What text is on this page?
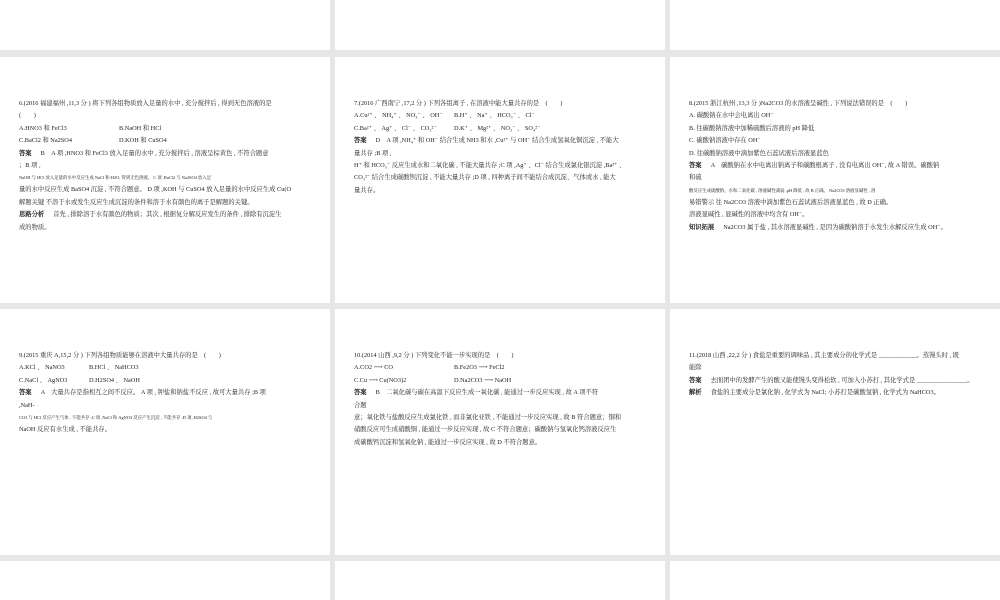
6.(2016 福建福州 ,11,3 分 ) 将下列各组物质放入足量的水中 , 充分搅拌后 , 得到无色溶液的是
(　　)
A.HNO3 和 FeCl3	B.NaOH 和 HCl
C.BaCl2 和 Na2SO4	D.KOH 和 CuSO4
答案 B　A 项 ,HNO3 和 FeCl3 放入足量的水中 , 充分搅拌后 , 溶液呈棕黄色 , 不符合题意
；B 项 ,
NaOH 与 HCl 放入足量的水中反应生成 NaCl 和 H2O, 得到无色溶液。 C 项 ,BaCl2 与 Na2SO4 放入足
量的水中反应生成 BaSO4 沉淀 , 不符合题意。 D 项 ,KOH 与 CuSO4 放入足量的水中反应生成 Cu(O
解题关键 不溶于水或发生反应生成沉淀的条件和溶于水有颜色的离子是解题的关键。
思路分析 首先 , 排除溶于水有颜色的物质；其次 , 根据复分解反应发生的条件 , 排除有沉淀生
成的物质。
7.(2016 广西南宁 ,17,2 分 ) 下列各组离子 , 在溶液中能大量共存的是　(　　)
A.Cu²⁺ 、 NH₄⁺ 、 NO₃⁻ 、 OH⁻	B.H⁺ 、 Na⁺ 、 HCO₃⁻ 、 Cl⁻
C.Ba²⁺ 、 Ag⁺ 、 Cl⁻ 、 CO₃²⁻	D.K⁺ 、 Mg²⁺ 、 NO₃⁻ 、 SO₄²⁻
答案 D　A 项 ,NH₄⁺ 和 OH⁻ 结合生成 NH3 和水 ,Cu²⁺ 与 OH⁻ 结合生成氢氧化铜沉淀 , 不能大
量共存 ;B 项 ,
H⁺ 和 HCO₃⁻ 反应生成水和二氧化碳 , 不能大量共存 ;C 项 ,Ag⁺ 、Cl⁻ 结合生成氯化银沉淀 ,Ba²⁺ 、
CO₃²⁻ 结合生成碳酸钡沉淀 , 不能大量共存 ;D 项 , 四种离子间不能结合成沉淀、气体或水 , 能大
量共存。
8.(2015 浙江杭州 ,13,3 分 )Na2CO3 的水溶液呈碱性 , 下列说法错误的是　(　　)
A. 碳酸钠在水中会电离出 OH⁻
B. 往碳酸钠溶液中加稀硫酸后溶液的 pH 降低
C. 碳酸钠溶液中存在 OH⁻
D. 往碳酸钠溶液中滴加紫色石蕊试液后溶液显蓝色
答案 A　碳酸钠在水中电离出钠离子和碳酸根离子 , 没有电离出 OH⁻, 故 A 错误。碳酸钠
和硫
酸反应生成硫酸钠、水和二氧化碳 , 溶液碱性减弱 ,pH 降低 , 故 B 正确。 Na2CO3 溶液显碱性 , 溶
易错警示 往 Na2CO3 溶液中滴加紫色石蕊试液后溶液显蓝色 , 故 D 正确。
溶液显碱性 , 显碱性的溶液中均含有 OH⁻。
知识拓展 Na2CO3 属于盐 , 其水溶液显碱性 , 是因为碳酸钠溶于水发生水解反应生成 OH⁻。
9.(2015 重庆 A,15,2 分 ) 下列各组物质能够在溶液中大量共存的是　(　　)
A.KCl 、 NaNO3	B.HCl 、 NaHCO3
C.NaCl 、 AgNO3	D.H2SO4 、 NaOH
答案 A　大量共存是指相互之间不反应。 A 项 , 钾盐和钠盐不反应 , 故可大量共存 ;B 项
,NaH-
CO3 与 HCl 反应产生气体 , 不能共存 ;C 项 ,NaCl 和 AgNO3 反应产生沉淀 , 不能共存 ;D 项 ,H2SO4 与
NaOH 反应有水生成 , 不能共存。
10.(2014 山西 ,9,2 分 ) 下列变化不能一步实现的是　(　　)
A.CO2 ⟶ CO	B.Fe2O3 ⟶ FeCl2
C.Cu ⟶ Cu(NO3)2	D.Na2CO3 ⟶ NaOH
答案 B　二氧化碳与碳在高温下反应生成一氧化碳 , 能通过一步反应实现 , 故 A 项不符
合题
意；氧化铁与盐酸反应生成氯化铁 , 而非氯化亚铁 , 不能通过一步反应实现 , 故 B 符合题意；铜和
硝酸反应可生成硝酸铜 , 能通过一步反应实现 , 故 C 不符合题意；碳酸钠与氢氧化钙溶液反应生
成碳酸钙沉淀和氢氧化钠 , 能通过一步反应实现 , 故 D 不符合题意。
11.(2018 山西 ,22,2 分 ) 食盐是重要的调味品 , 其主要成分的化学式是 ____________。蒸馒头时 , 既
能除
答案 去面团中的发酵产生的酸又能使馒头变得松软 , 可加入小苏打 , 其化学式是 ________________。
解析 食盐的主要成分是氯化钠 , 化学式为 NaCl; 小苏打是碳酸氢钠 , 化学式为 NaHCO3。
